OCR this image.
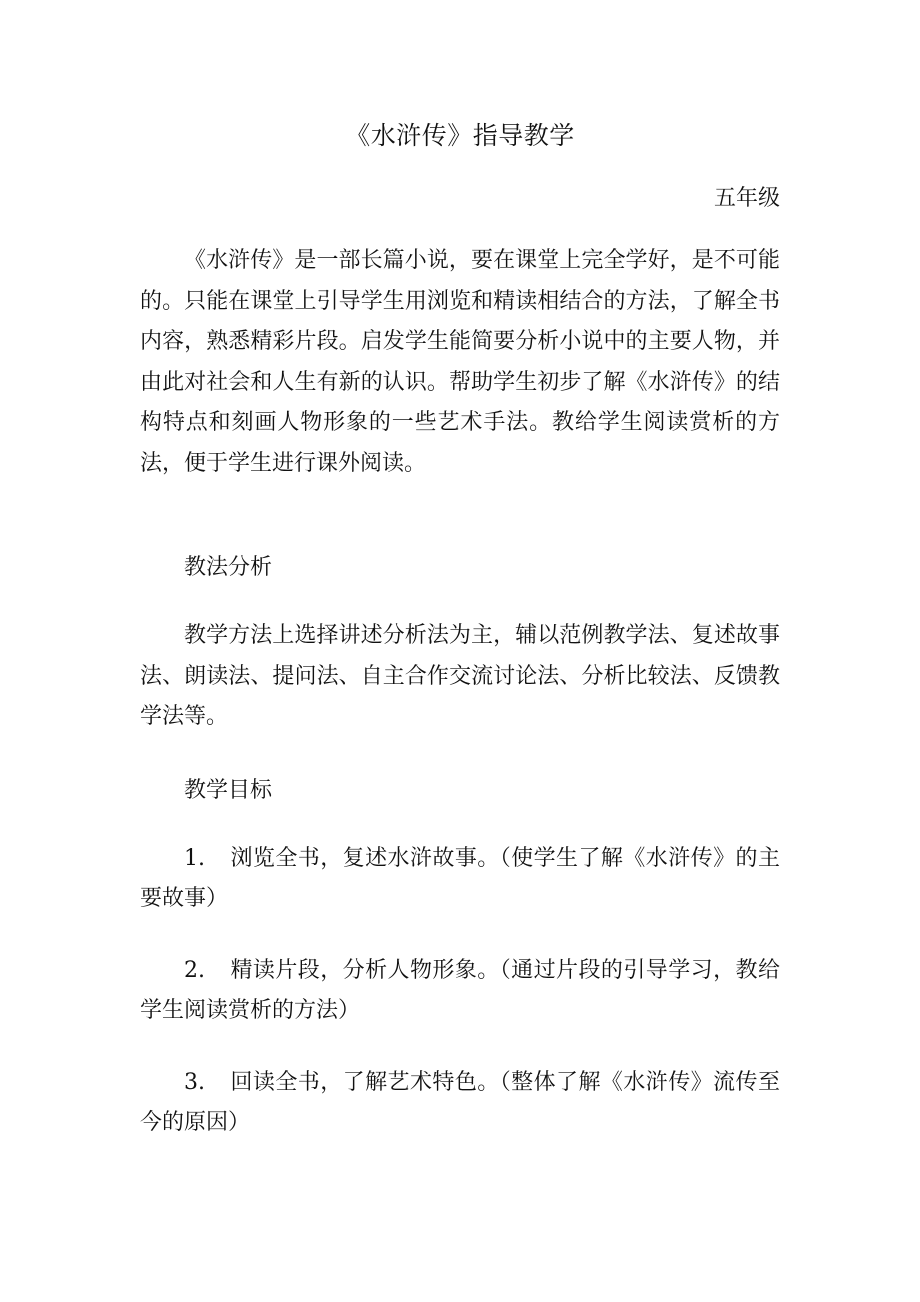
《水浒传》指导教学
五年级

《水浒传》是一部长篇小说，要在课堂上完全学好，是不可能的。只能在课堂上引导学生用浏览和精读相结合的方法，了解全书内容，熟悉精彩片段。启发学生能简要分析小说中的主要人物，并由此对社会和人生有新的认识。帮助学生初步了解《水浒传》的结构特点和刻画人物形象的一些艺术手法。教给学生阅读赏析的方法，便于学生进行课外阅读。

教法分析

教学方法上选择讲述分析法为主，辅以范例教学法、复述故事法、朗读法、提问法、自主合作交流讨论法、分析比较法、反馈教学法等。

教学目标

1. 浏览全书，复述水浒故事。（使学生了解《水浒传》的主要故事）

2. 精读片段，分析人物形象。（通过片段的引导学习，教给学生阅读赏析的方法）

3. 回读全书，了解艺术特色。（整体了解《水浒传》流传至今的原因）
